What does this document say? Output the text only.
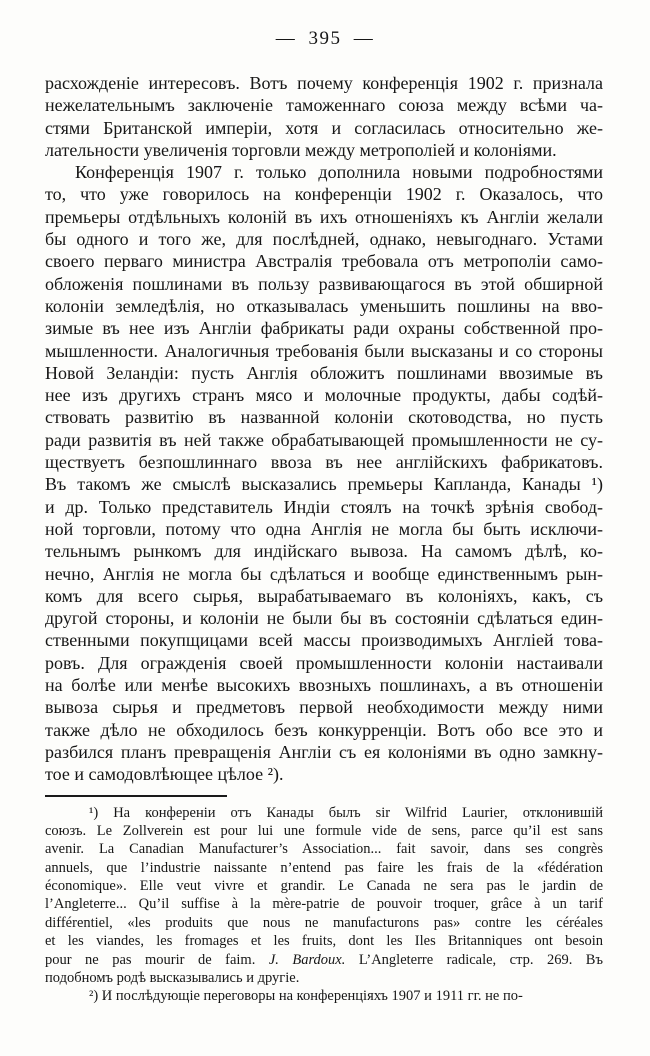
— 395 —
расхожденіе интересовъ. Вотъ почему конференція 1902 г. признала
нежелательнымъ заключеніе таможеннаго союза между всѣми ча-
стями Британской имперіи, хотя и согласилась относительно же-
лательности увеличенія торговли между метрополіей и колоніями.
Конференція 1907 г. только дополнила новыми подробностями
то, что уже говорилось на конференціи 1902 г. Оказалось, что
премьеры отдѣльныхъ колоній въ ихъ отношеніяхъ къ Англіи желали
бы одного и того же, для послѣдней, однако, невыгоднаго. Устами
своего перваго министра Австралія требовала отъ метрополіи само-
обложенія пошлинами въ пользу развивающагося въ этой обширной
колоніи земледѣлія, но отказывалась уменьшить пошлины на вво-
зимые въ нее изъ Англіи фабрикаты ради охраны собственной про-
мышленности. Аналогичныя требованія были высказаны и со стороны
Новой Зеландіи: пусть Англія обложитъ пошлинами ввозимые въ
нее изъ другихъ странъ мясо и молочные продукты, дабы содѣй-
ствовать развитію въ названной колоніи скотоводства, но пусть
ради развитія въ ней также обрабатывающей промышленности не су-
ществуетъ безпошлиннаго ввоза въ нее англійскихъ фабрикатовъ.
Въ такомъ же смыслѣ высказались премьеры Капланда, Канады ¹)
и др. Только представитель Индіи стоялъ на точкѣ зрѣнія свобод-
ной торговли, потому что одна Англія не могла бы быть исключи-
тельнымъ рынкомъ для индійскаго вывоза. На самомъ дѣлѣ, ко-
нечно, Англія не могла бы сдѣлаться и вообще единственнымъ рын-
комъ для всего сырья, вырабатываемаго въ колоніяхъ, какъ, съ
другой стороны, и колоніи не были бы въ состояніи сдѣлаться един-
ственными покупщицами всей массы производимыхъ Англіей това-
ровъ. Для огражденія своей промышленности колоніи настаивали
на болѣе или менѣе высокихъ ввозныхъ пошлинахъ, а въ отношеніи
вывоза сырья и предметовъ первой необходимости между ними
также дѣло не обходилось безъ конкурренціи. Вотъ обо все это и
разбился планъ превращенія Англіи съ ея колоніями въ одно замкну-
тое и самодовлѣющее цѣлое ²).
¹) На конференіи отъ Канады былъ sir Wilfrid Laurier, отклонившій
союзъ. Le Zollverein est pour lui une formule vide de sens, parce qu’il est sans
avenir. La Canadian Manufacturer’s Association... fait savoir, dans ses congrès
annuels, que l’industrie naissante n’entend pas faire les frais de la «fédération
économique». Elle veut vivre et grandir. Le Canada ne sera pas le jardin de
l’Angleterre... Qu’il suffise à la mère-patrie de pouvoir troquer, grâce à un tarif
différentiel, «les produits que nous ne manufacturons pas» contre les céréales
et les viandes, les fromages et les fruits, dont les Iles Britanniques ont besoin
pour ne pas mourir de faim. J. Bardoux. L’Angleterre radicale, стр. 269. Въ
подобномъ родѣ высказывались и другіе.
²) И послѣдующіе переговоры на конференціяхъ 1907 и 1911 гг. не по-
